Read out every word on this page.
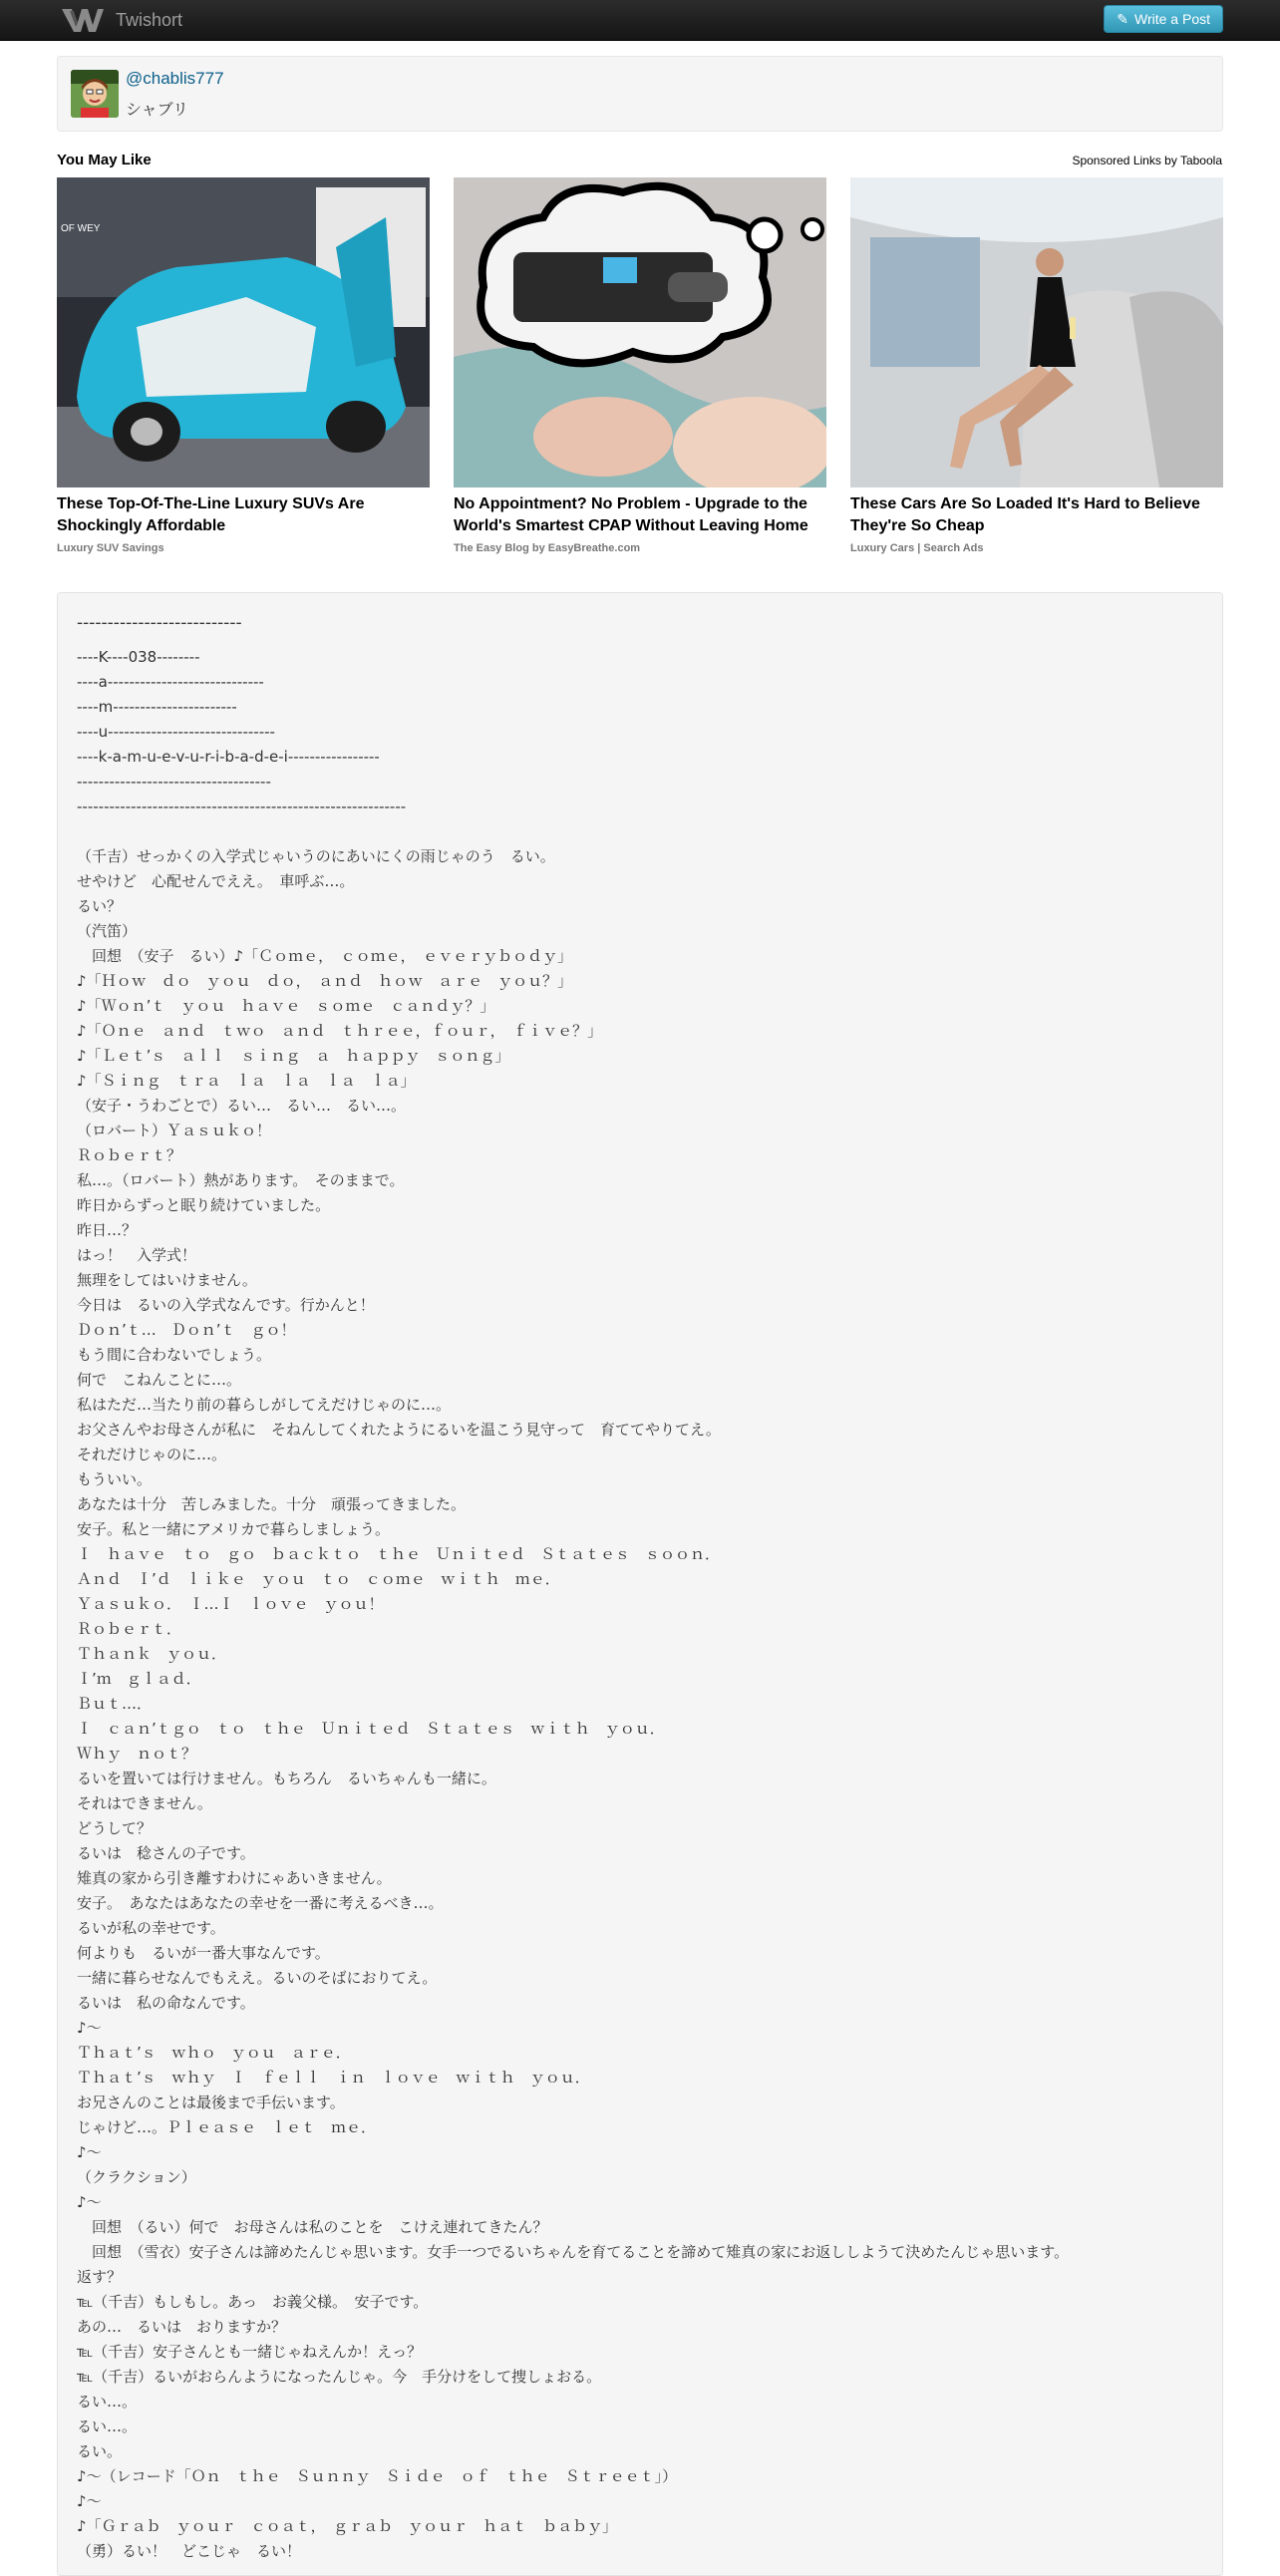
Twishort	✎ Write a Post
@chablis777
シャブリ
You May Like	Sponsored Links by Taboola
OF WEY
These Top-Of-The-Line Luxury SUVs Are Shockingly Affordable
Luxury SUV Savings
No Appointment? No Problem - Upgrade to the World's Smartest CPAP Without Leaving Home
The Easy Blog by EasyBreathe.com
These Cars Are So Loaded It's Hard to Believe They're So Cheap
Luxury Cars | Search Ads
---------------------------
----K----038--------
----a-----------------------------
----m-----------------------
----u-------------------------------
----k-a-m-u-e-v-u-r-i-b-a-d-e-i-----------------
------------------------------------
-------------------------------------------------------------
（千吉）せっかくの入学式じゃいうのにあいにくの雨じゃのう　るい。
せやけど　心配せんでええ。　車呼ぶ…。
るい？
（汽笛）
　回想　（安子　るい）♪「Ｃｏｍｅ，　ｃｏｍｅ，　ｅｖｅｒｙｂｏｄｙ」
♪「Ｈｏｗ　ｄｏ　ｙｏｕ　ｄｏ，　ａｎｄ　ｈｏｗ　ａｒｅ　ｙｏｕ？」
♪「Ｗｏｎ’ｔ　ｙｏｕ　ｈａｖｅ　ｓｏｍｅ　ｃａｎｄｙ？」
♪「Ｏｎｅ　ａｎｄ　ｔｗｏ　ａｎｄ　ｔｈｒｅｅ，ｆｏｕｒ，　ｆｉｖｅ？」
♪「Ｌｅｔ’ｓ　ａｌｌ　ｓｉｎｇ　ａ　ｈａｐｐｙ　ｓｏｎｇ」
♪「Ｓｉｎｇ　ｔｒａ　ｌａ　ｌａ　ｌａ　ｌａ」
（安子・うわごとで）るい…　るい…　るい…。
（ロバート）Ｙａｓｕｋｏ！
Ｒｏｂｅｒｔ？
私…。（ロバート）熱があります。　そのままで。
昨日からずっと眠り続けていました。
昨日…？
はっ！　入学式！
無理をしてはいけません。
今日は　るいの入学式なんです。行かんと！
Ｄｏｎ’ｔ…　Ｄｏｎ’ｔ　ｇｏ！
もう間に合わないでしょう。
何で　こねんことに…。
私はただ…当たり前の暮らしがしてえだけじゃのに…。
お父さんやお母さんが私に　そねんしてくれたようにるいを温こう見守って　育ててやりてえ。
それだけじゃのに…。
もういい。
あなたは十分　苦しみました。十分　頑張ってきました。
安子。私と一緒にアメリカで暮らしましょう。
Ｉ　ｈａｖｅ　ｔｏ　ｇｏ　ｂａｃｋｔｏ　ｔｈｅ　Ｕｎｉｔｅｄ　Ｓｔａｔｅｓ　ｓｏｏｎ．
Ａｎｄ　Ｉ’ｄ　ｌｉｋｅ　ｙｏｕ　ｔｏ　ｃｏｍｅ　ｗｉｔｈ　ｍｅ．
Ｙａｓｕｋｏ．　Ｉ…Ｉ　ｌｏｖｅ　ｙｏｕ！
Ｒｏｂｅｒｔ．
Ｔｈａｎｋ　ｙｏｕ．
Ｉ’ｍ　ｇｌａｄ．
Ｂｕｔ…．
Ｉ　ｃａｎ’ｔｇｏ　ｔｏ　ｔｈｅ　Ｕｎｉｔｅｄ　Ｓｔａｔｅｓ　ｗｉｔｈ　ｙｏｕ．
Ｗｈｙ　ｎｏｔ？
るいを置いては行けません。もちろん　るいちゃんも一緒に。
それはできません。
どうして？
るいは　稔さんの子です。
雉真の家から引き離すわけにゃあいきません。
安子。　あなたはあなたの幸せを一番に考えるべき…。
るいが私の幸せです。
何よりも　るいが一番大事なんです。
一緒に暮らせなんでもええ。るいのそばにおりてえ。
るいは　私の命なんです。
♪～
Ｔｈａｔ’ｓ　ｗｈｏ　ｙｏｕ　ａｒｅ．
Ｔｈａｔ’ｓ　ｗｈｙ　Ｉ　ｆｅｌｌ　ｉｎ　ｌｏｖｅ　ｗｉｔｈ　ｙｏｕ．
お兄さんのことは最後まで手伝います。
じゃけど…。Ｐｌｅａｓｅ　ｌｅｔ　ｍｅ．
♪～
（クラクション）
♪～
　回想　（るい）何で　お母さんは私のことを　こけえ連れてきたん？
　回想　（雪衣）安子さんは諦めたんじゃ思います。女手一つでるいちゃんを育てることを諦めて雉真の家にお返ししようて決めたんじゃ思います。
返す？
℡（千吉）もしもし。あっ　お義父様。　安子です。
あの…　るいは　おりますか？
℡（千吉）安子さんとも一緒じゃねえんか！えっ？
℡（千吉）るいがおらんようになったんじゃ。今　手分けをして捜しょおる。
るい…。
るい…。
るい。
♪～（レコード「Ｏｎ　ｔｈｅ　Ｓｕｎｎｙ　Ｓｉｄｅ　ｏｆ　ｔｈｅ　Ｓｔｒｅｅｔ」）
♪～
♪「Ｇｒａｂ　ｙｏｕｒ　ｃｏａｔ，　ｇｒａｂ　ｙｏｕｒ　ｈａｔ　ｂａｂｙ」
（勇）るい！　どこじゃ　るい！
